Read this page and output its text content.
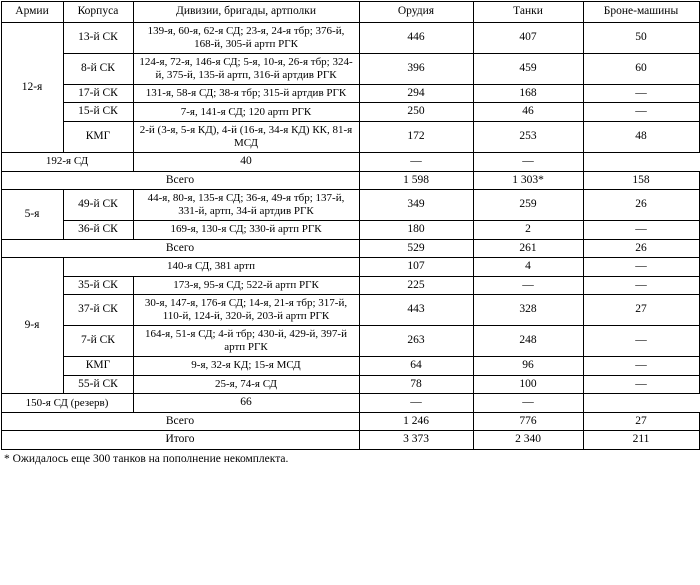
Армии	Корпуса	Дивизии, бригады, артполки	Орудия	Танки	Броне-машины
12-я	13-й СК	139-я, 60-я, 62-я СД; 23-я, 24-я тбр; 376-й, 168-й, 305-й артп РГК	446	407	50
	8-й СК	124-я, 72-я, 146-я СД; 5-я, 10-я, 26-я тбр; 324-й, 375-й, 135-й артп, 316-й артдив РГК	396	459	60
	17-й СК	131-я, 58-я СД; 38-я тбр; 315-й артдив РГК	294	168	—
	15-й СК	7-я, 141-я СД; 120 артп РГК	250	46	—
	КМГ	2-й (3-я, 5-я КД), 4-й (16-я, 34-я КД) КК, 81-я МСД	172	253	48
192-я СД		40	—	—	
Всего			1 598	1 303*	158
5-я	49-й СК	44-я, 80-я, 135-я СД; 36-я, 49-я тбр; 137-й, 331-й, артп, 34-й артдив РГК	349	259	26
	36-й СК	169-я, 130-я СД; 330-й артп РГК	180	2	—
Всего			529	261	26
9-я	140-я СД, 381 артп		107	4	—
	35-й СК	173-я, 95-я СД; 522-й артп РГК	225	—	—
	37-й СК	30-я, 147-я, 176-я СД; 14-я, 21-я тбр; 317-й, 110-й, 124-й, 320-й, 203-й артп РГК	443	328	27
	7-й СК	164-я, 51-я СД; 4-й тбр; 430-й, 429-й, 397-й артп РГК	263	248	—
	КМГ	9-я, 32-я КД; 15-я МСД	64	96	—
	55-й СК	25-я, 74-я СД	78	100	—
150-я СД (резерв)		66	—	—	
Всего			1 246	776	27
Итого			3 373	2 340	211
* Ожидалось еще 300 танков на пополнение некомплекта.
